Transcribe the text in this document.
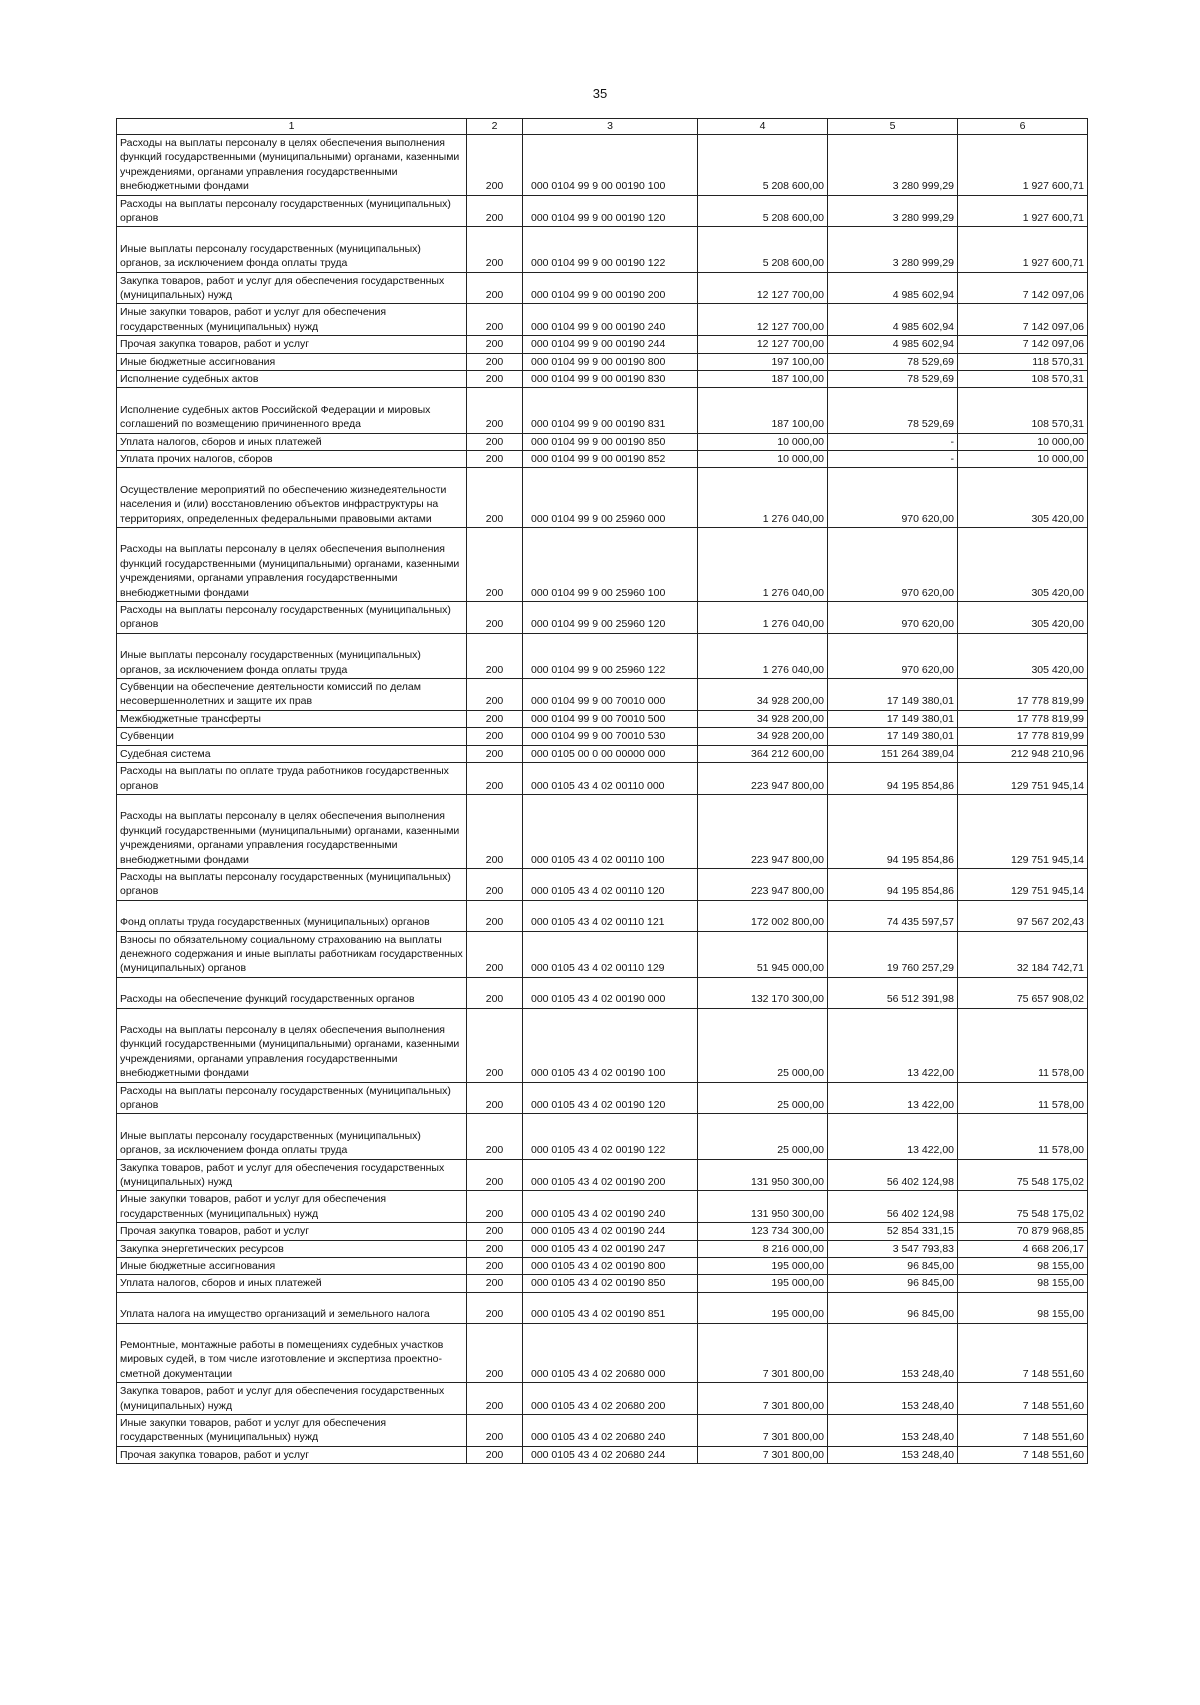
35
1	2	3	4	5	6
Расходы на выплаты персоналу в целях обеспечения выполнения функций государственными (муниципальными) органами, казенными учреждениями, органами управления государственными внебюджетными фондами	200	000 0104 99 9 00 00190 100	5 208 600,00	3 280 999,29	1 927 600,71
Расходы на выплаты персоналу государственных (муниципальных) органов	200	000 0104 99 9 00 00190 120	5 208 600,00	3 280 999,29	1 927 600,71
Иные выплаты персоналу государственных (муниципальных) органов, за исключением фонда оплаты труда	200	000 0104 99 9 00 00190 122	5 208 600,00	3 280 999,29	1 927 600,71
Закупка товаров, работ и услуг для обеспечения государственных (муниципальных) нужд	200	000 0104 99 9 00 00190 200	12 127 700,00	4 985 602,94	7 142 097,06
Иные закупки товаров, работ и услуг для обеспечения государственных (муниципальных) нужд	200	000 0104 99 9 00 00190 240	12 127 700,00	4 985 602,94	7 142 097,06
Прочая закупка товаров, работ и услуг	200	000 0104 99 9 00 00190 244	12 127 700,00	4 985 602,94	7 142 097,06
Иные бюджетные ассигнования	200	000 0104 99 9 00 00190 800	197 100,00	78 529,69	118 570,31
Исполнение судебных актов	200	000 0104 99 9 00 00190 830	187 100,00	78 529,69	108 570,31
Исполнение судебных актов Российской Федерации и мировых соглашений по возмещению причиненного вреда	200	000 0104 99 9 00 00190 831	187 100,00	78 529,69	108 570,31
Уплата налогов, сборов и иных платежей	200	000 0104 99 9 00 00190 850	10 000,00	-	10 000,00
Уплата прочих налогов, сборов	200	000 0104 99 9 00 00190 852	10 000,00	-	10 000,00
Осуществление мероприятий по обеспечению жизнедеятельности населения и (или) восстановлению объектов инфраструктуры на территориях, определенных федеральными правовыми актами	200	000 0104 99 9 00 25960 000	1 276 040,00	970 620,00	305 420,00
Расходы на выплаты персоналу в целях обеспечения выполнения функций государственными (муниципальными) органами, казенными учреждениями, органами управления государственными внебюджетными фондами	200	000 0104 99 9 00 25960 100	1 276 040,00	970 620,00	305 420,00
Расходы на выплаты персоналу государственных (муниципальных) органов	200	000 0104 99 9 00 25960 120	1 276 040,00	970 620,00	305 420,00
Иные выплаты персоналу государственных (муниципальных) органов, за исключением фонда оплаты труда	200	000 0104 99 9 00 25960 122	1 276 040,00	970 620,00	305 420,00
Субвенции на обеспечение деятельности комиссий по делам несовершеннолетних и защите их прав	200	000 0104 99 9 00 70010 000	34 928 200,00	17 149 380,01	17 778 819,99
Межбюджетные трансферты	200	000 0104 99 9 00 70010 500	34 928 200,00	17 149 380,01	17 778 819,99
Субвенции	200	000 0104 99 9 00 70010 530	34 928 200,00	17 149 380,01	17 778 819,99
Судебная система	200	000 0105 00 0 00 00000 000	364 212 600,00	151 264 389,04	212 948 210,96
Расходы на выплаты по оплате труда работников государственных органов	200	000 0105 43 4 02 00110 000	223 947 800,00	94 195 854,86	129 751 945,14
Расходы на выплаты персоналу в целях обеспечения выполнения функций государственными (муниципальными) органами, казенными учреждениями, органами управления государственными внебюджетными фондами	200	000 0105 43 4 02 00110 100	223 947 800,00	94 195 854,86	129 751 945,14
Расходы на выплаты персоналу государственных (муниципальных) органов	200	000 0105 43 4 02 00110 120	223 947 800,00	94 195 854,86	129 751 945,14
Фонд оплаты труда государственных (муниципальных) органов	200	000 0105 43 4 02 00110 121	172 002 800,00	74 435 597,57	97 567 202,43
Взносы по обязательному социальному страхованию на выплаты денежного содержания и иные выплаты работникам государственных (муниципальных) органов	200	000 0105 43 4 02 00110 129	51 945 000,00	19 760 257,29	32 184 742,71
Расходы на обеспечение функций государственных органов	200	000 0105 43 4 02 00190 000	132 170 300,00	56 512 391,98	75 657 908,02
Расходы на выплаты персоналу в целях обеспечения выполнения функций государственными (муниципальными) органами, казенными учреждениями, органами управления государственными внебюджетными фондами	200	000 0105 43 4 02 00190 100	25 000,00	13 422,00	11 578,00
Расходы на выплаты персоналу государственных (муниципальных) органов	200	000 0105 43 4 02 00190 120	25 000,00	13 422,00	11 578,00
Иные выплаты персоналу государственных (муниципальных) органов, за исключением фонда оплаты труда	200	000 0105 43 4 02 00190 122	25 000,00	13 422,00	11 578,00
Закупка товаров, работ и услуг для обеспечения государственных (муниципальных) нужд	200	000 0105 43 4 02 00190 200	131 950 300,00	56 402 124,98	75 548 175,02
Иные закупки товаров, работ и услуг для обеспечения государственных (муниципальных) нужд	200	000 0105 43 4 02 00190 240	131 950 300,00	56 402 124,98	75 548 175,02
Прочая закупка товаров, работ и услуг	200	000 0105 43 4 02 00190 244	123 734 300,00	52 854 331,15	70 879 968,85
Закупка энергетических ресурсов	200	000 0105 43 4 02 00190 247	8 216 000,00	3 547 793,83	4 668 206,17
Иные бюджетные ассигнования	200	000 0105 43 4 02 00190 800	195 000,00	96 845,00	98 155,00
Уплата налогов, сборов и иных платежей	200	000 0105 43 4 02 00190 850	195 000,00	96 845,00	98 155,00
Уплата налога на имущество организаций и земельного налога	200	000 0105 43 4 02 00190 851	195 000,00	96 845,00	98 155,00
Ремонтные, монтажные работы в помещениях судебных участков мировых судей, в том числе изготовление и экспертиза проектно-сметной документации	200	000 0105 43 4 02 20680 000	7 301 800,00	153 248,40	7 148 551,60
Закупка товаров, работ и услуг для обеспечения государственных (муниципальных) нужд	200	000 0105 43 4 02 20680 200	7 301 800,00	153 248,40	7 148 551,60
Иные закупки товаров, работ и услуг для обеспечения государственных (муниципальных) нужд	200	000 0105 43 4 02 20680 240	7 301 800,00	153 248,40	7 148 551,60
Прочая закупка товаров, работ и услуг	200	000 0105 43 4 02 20680 244	7 301 800,00	153 248,40	7 148 551,60
